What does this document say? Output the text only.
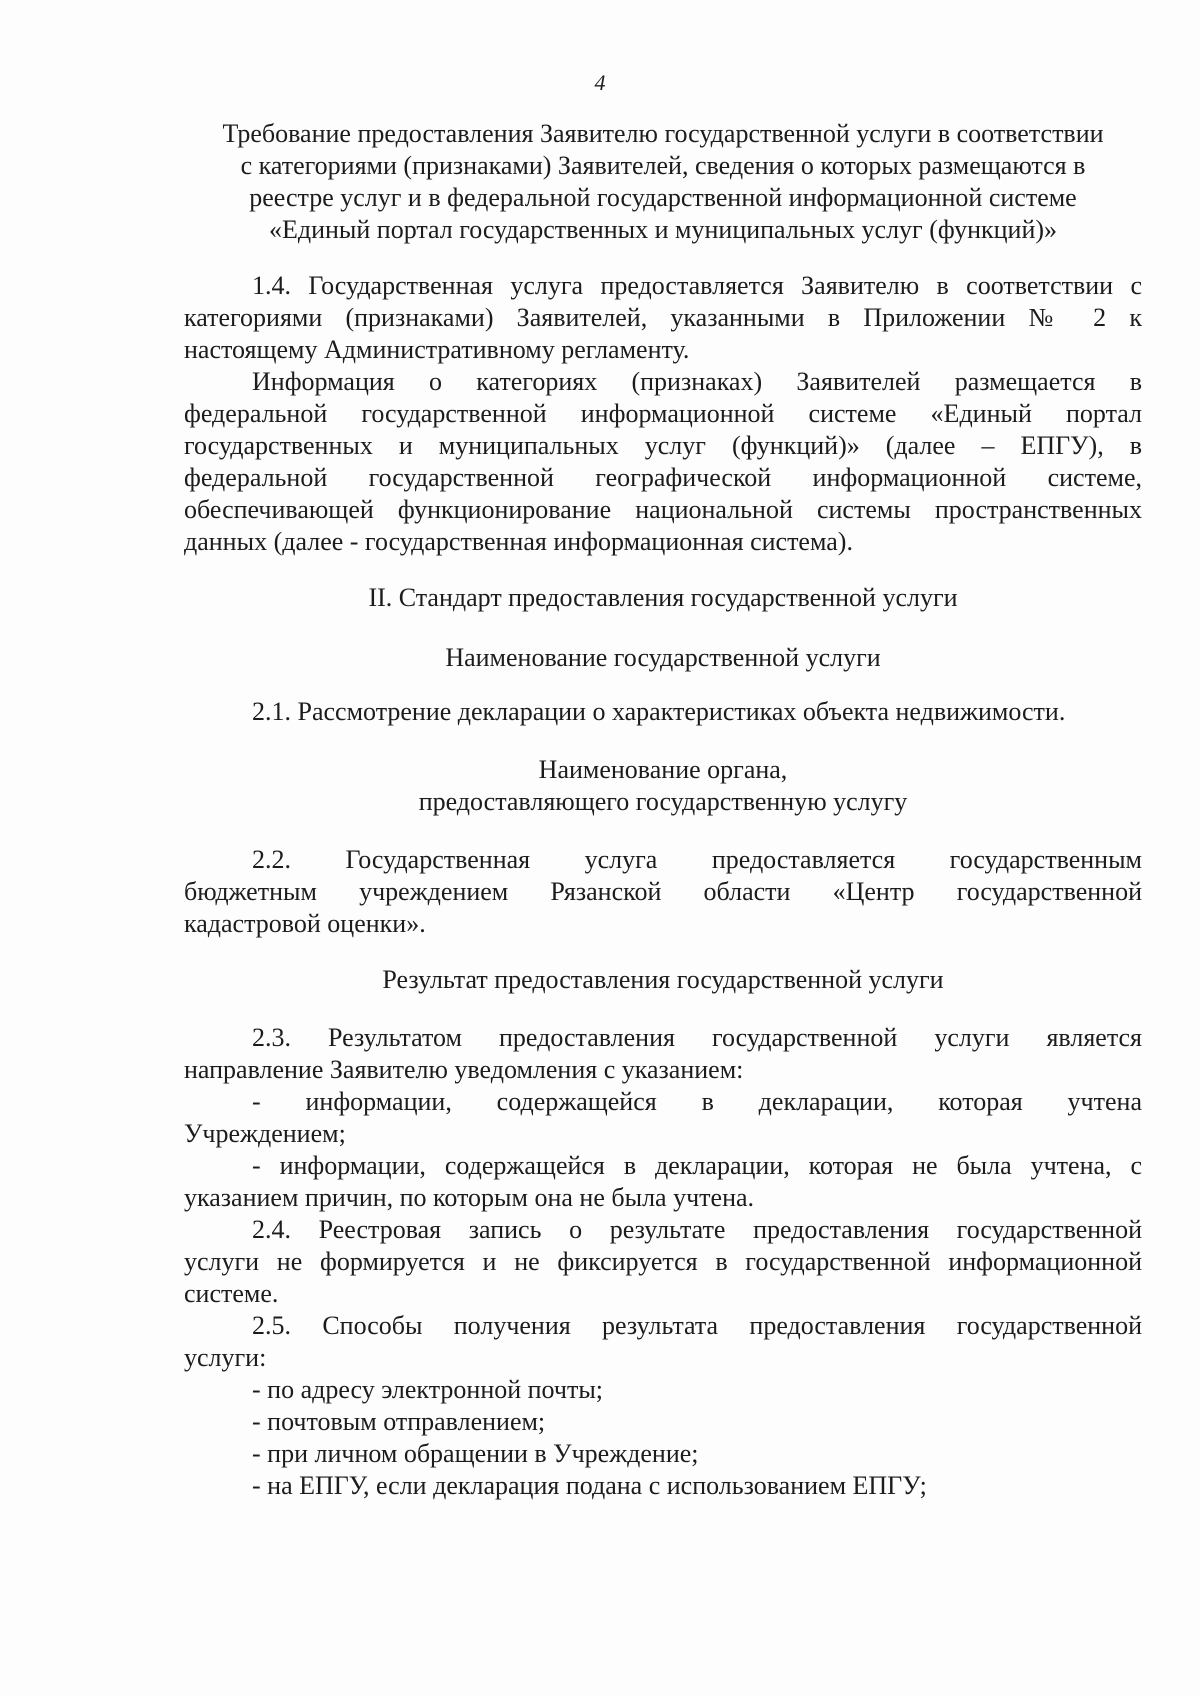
4
Требование предоставления Заявителю государственной услуги в соответствии
с категориями (признаками) Заявителей, сведения о которых размещаются в
реестре услуг и в федеральной государственной информационной системе
«Единый портал государственных и муниципальных услуг (функций)»
1.4. Государственная услуга предоставляется Заявителю в соответствии с
категориями (признаками) Заявителей, указанными в Приложении № 2 к
настоящему Административному регламенту.
Информация о категориях (признаках) Заявителей размещается в
федеральной государственной информационной системе «Единый портал
государственных и муниципальных услуг (функций)» (далее – ЕПГУ), в
федеральной государственной географической информационной системе,
обеспечивающей функционирование национальной системы пространственных
данных (далее - государственная информационная система).
II. Стандарт предоставления государственной услуги
Наименование государственной услуги
2.1. Рассмотрение декларации о характеристиках объекта недвижимости.
Наименование органа,
предоставляющего государственную услугу
2.2. Государственная услуга предоставляется государственным
бюджетным учреждением Рязанской области «Центр государственной
кадастровой оценки».
Результат предоставления государственной услуги
2.3. Результатом предоставления государственной услуги является
направление Заявителю уведомления с указанием:
- информации, содержащейся в декларации, которая учтена
Учреждением;
- информации, содержащейся в декларации, которая не была учтена, с
указанием причин, по которым она не была учтена.
2.4. Реестровая запись о результате предоставления государственной
услуги не формируется и не фиксируется в государственной информационной
системе.
2.5. Способы получения результата предоставления государственной
услуги:
- по адресу электронной почты;
- почтовым отправлением;
- при личном обращении в Учреждение;
- на ЕПГУ, если декларация подана с использованием ЕПГУ;
